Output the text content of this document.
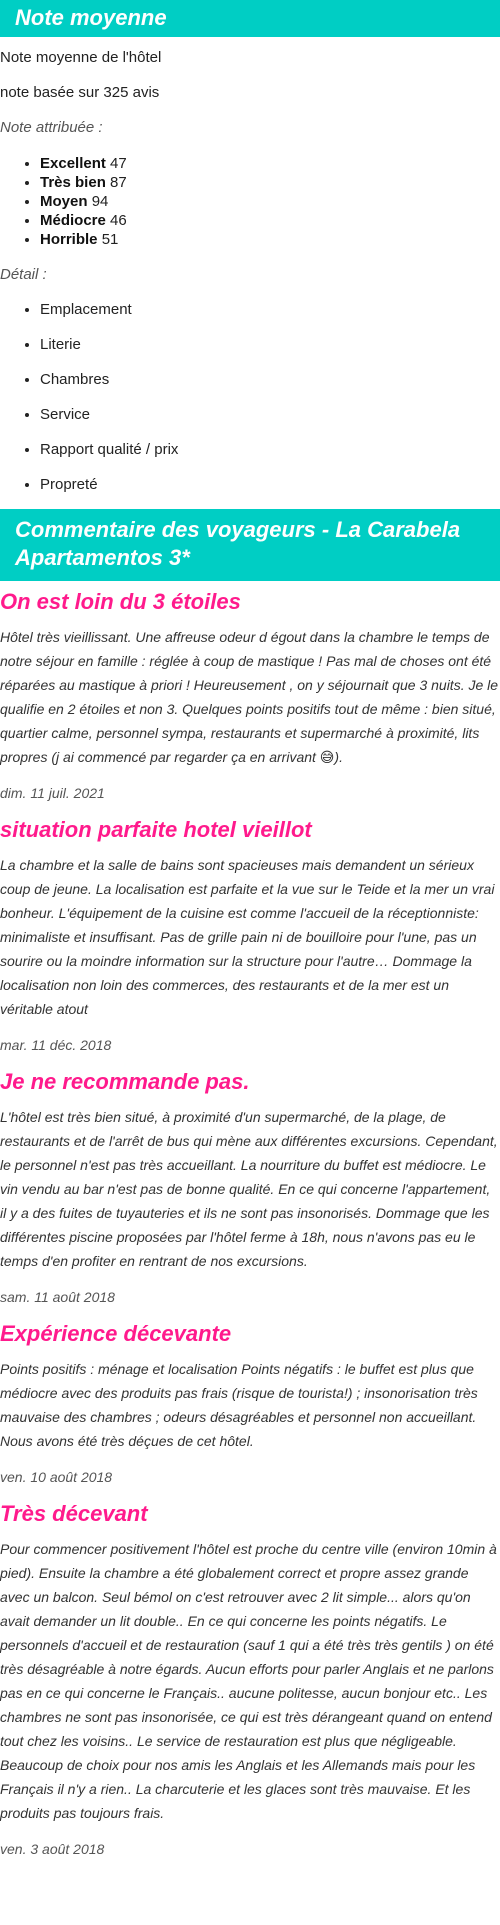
Note moyenne

Note moyenne de l'hôtel

note basée sur 325 avis

Note attribuée :

• Excellent 47
• Très bien 87
• Moyen 94
• Médiocre 46
• Horrible 51

Détail :

• Emplacement
• Literie
• Chambres
• Service
• Rapport qualité / prix
• Propreté
Commentaire des voyageurs - La Carabela Apartamentos 3*
On est loin du 3 étoiles

Hôtel très vieillissant. Une affreuse odeur d égout dans la chambre le temps de notre séjour en famille : réglée à coup de mastique ! Pas mal de choses ont été réparées au mastique à priori ! Heureusement , on y séjournait que 3 nuits. Je le qualifie en 2 étoiles et non 3. Quelques points positifs tout de même : bien situé, quartier calme, personnel sympa, restaurants et supermarché à proximité, lits propres (j ai commencé par regarder ça en arrivant 😅).

dim. 11 juil. 2021

situation parfaite hotel vieillot

La chambre et la salle de bains sont spacieuses mais demandent un sérieux coup de jeune. La localisation est parfaite et la vue sur le Teide et la mer un vrai bonheur. L'équipement de la cuisine est comme l'accueil de la réceptionniste: minimaliste et insuffisant. Pas de grille pain ni de bouilloire pour l'une, pas un sourire ou la moindre information sur la structure pour l'autre… Dommage la localisation non loin des commerces, des restaurants et de la mer est un véritable atout

mar. 11 déc. 2018

Je ne recommande pas.

L'hôtel est très bien situé, à proximité d'un supermarché, de la plage, de restaurants et de l'arrêt de bus qui mène aux différentes excursions. Cependant, le personnel n'est pas très accueillant. La nourriture du buffet est médiocre. Le vin vendu au bar n'est pas de bonne qualité. En ce qui concerne l'appartement, il y a des fuites de tuyauteries et ils ne sont pas insonorisés. Dommage que les différentes piscine proposées par l'hôtel ferme à 18h, nous n'avons pas eu le temps d'en profiter en rentrant de nos excursions.

sam. 11 août 2018

Expérience décevante

Points positifs : ménage et localisation Points négatifs : le buffet est plus que médiocre avec des produits pas frais (risque de tourista!) ; insonorisation très mauvaise des chambres ; odeurs désagréables et personnel non accueillant. Nous avons été très déçues de cet hôtel.

ven. 10 août 2018

Très décevant

Pour commencer positivement l'hôtel est proche du centre ville (environ 10min à pied). Ensuite la chambre a été globalement correct et propre assez grande avec un balcon. Seul bémol on c'est retrouver avec 2 lit simple... alors qu'on avait demander un lit double.. En ce qui concerne les points négatifs. Le personnels d'accueil et de restauration (sauf 1 qui a été très très gentils ) on été très désagréable à notre égards. Aucun efforts pour parler Anglais et ne parlons pas en ce qui concerne le Français.. aucune politesse, aucun bonjour etc.. Les chambres ne sont pas insonorisée, ce qui est très dérangeant quand on entend tout chez les voisins.. Le service de restauration est plus que négligeable. Beaucoup de choix pour nos amis les Anglais et les Allemands mais pour les Français il n'y a rien.. La charcuterie et les glaces sont très mauvaise. Et les produits pas toujours frais.

ven. 3 août 2018
